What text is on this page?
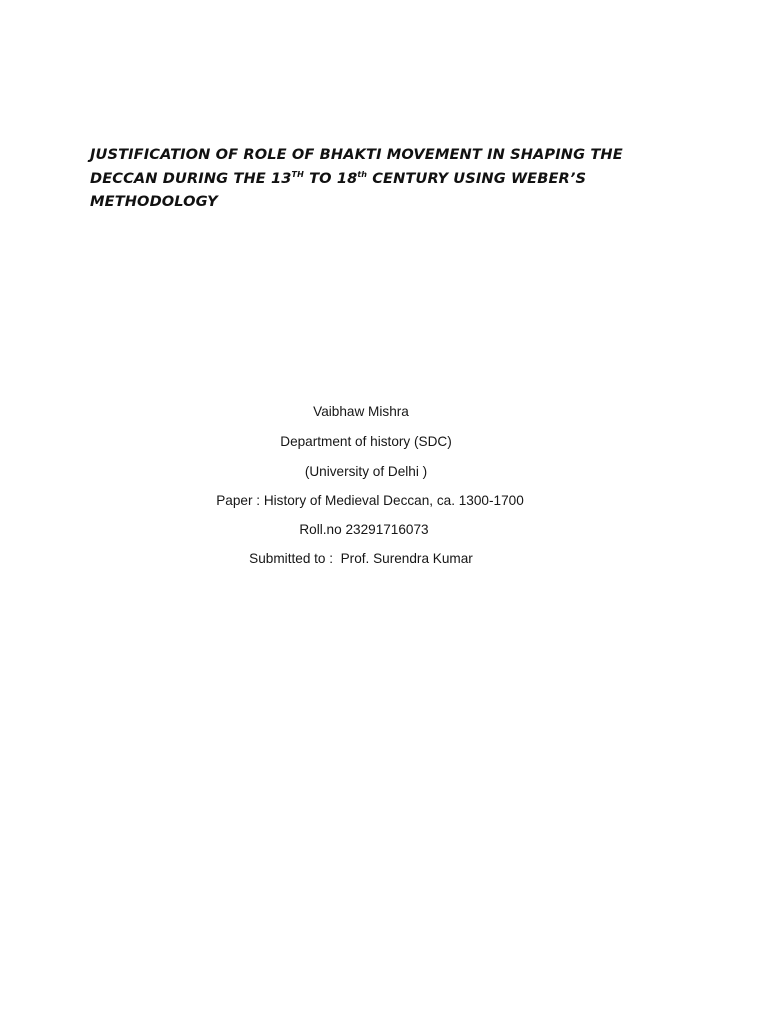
JUSTIFICATION OF ROLE OF BHAKTI MOVEMENT IN SHAPING THE
DECCAN DURING THE 13TH TO 18th CENTURY USING WEBER’S
METHODOLOGY

Vaibhaw Mishra

Department of history (SDC)

(University of Delhi )

Paper : History of Medieval Deccan, ca. 1300-1700

Roll.no 23291716073

Submitted to :  Prof. Surendra Kumar
